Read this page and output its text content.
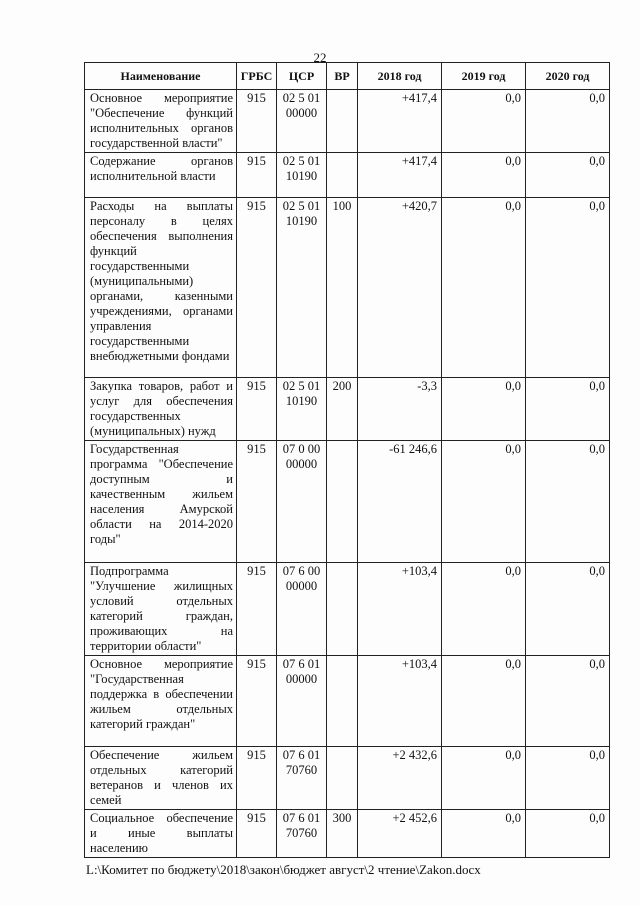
22
Наименование	ГРБС	ЦСР	ВР	2018 год	2019 год	2020 год
Основное мероприятие "Обеспечение функций исполнительных органов государственной власти"	915	02 5 01 00000		+417,4	0,0	0,0
Содержание органов исполнительной власти	915	02 5 01 10190		+417,4	0,0	0,0
Расходы на выплаты персоналу в целях обеспечения выполнения функций государственными (муниципальными) органами, казенными учреждениями, органами управления государственными внебюджетными фондами	915	02 5 01 10190	100	+420,7	0,0	0,0
Закупка товаров, работ и услуг для обеспечения государственных (муниципальных) нужд	915	02 5 01 10190	200	-3,3	0,0	0,0
Государственная программа "Обеспечение доступным и качественным жильем населения Амурской области на 2014-2020 годы"	915	07 0 00 00000		-61 246,6	0,0	0,0
Подпрограмма "Улучшение жилищных условий отдельных категорий граждан, проживающих на территории области"	915	07 6 00 00000		+103,4	0,0	0,0
Основное мероприятие "Государственная поддержка в обеспечении жильем отдельных категорий граждан"	915	07 6 01 00000		+103,4	0,0	0,0
Обеспечение жильем отдельных категорий ветеранов и членов их семей	915	07 6 01 70760		+2 432,6	0,0	0,0
Социальное обеспечение и иные выплаты населению	915	07 6 01 70760	300	+2 452,6	0,0	0,0
L:\Комитет по бюджету\2018\закон\бюджет август\2 чтение\Zakon.docx
